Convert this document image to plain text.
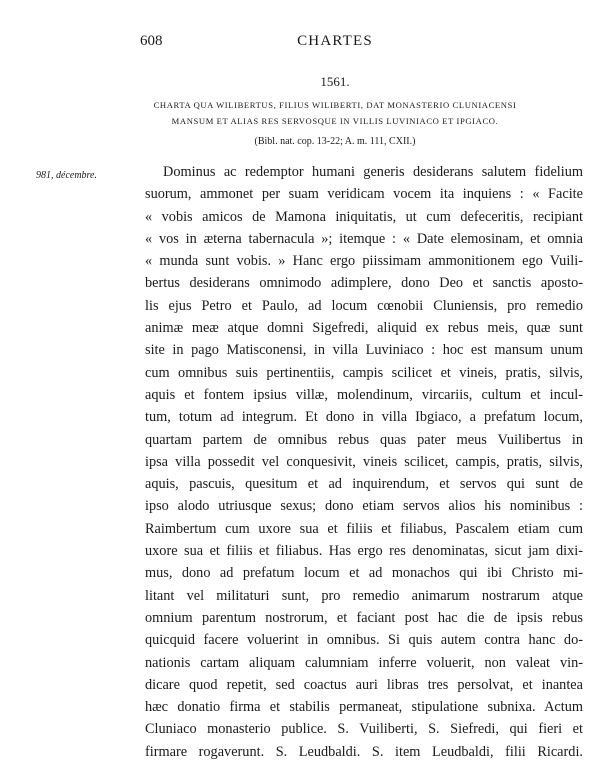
608	CHARTES
1561.
CHARTA QUA WILIBERTUS, FILIUS WILIBERTI, DAT MONASTERIO CLUNIACENSI
MANSUM ET ALIAS RES SERVOSQUE IN VILLIS LUVINIACO ET IPGIACO.
(Bibl. nat. cop. 13-22; A. m. 111, CXII.)
981, décembre.	Dominus ac redemptor humani generis desiderans salutem fidelium
suorum, ammonet per suam veridicam vocem ita inquiens : « Facite
« vobis amicos de Mamona iniquitatis, ut cum defeceritis, recipiant
« vos in æterna tabernacula »; itemque : « Date elemosinam, et omnia
« munda sunt vobis. » Hanc ergo piissimam ammonitionem ego Vuili-
bertus desiderans omnimodo adimplere, dono Deo et sanctis aposto-
lis ejus Petro et Paulo, ad locum cœnobii Cluniensis, pro remedio
animæ meæ atque domni Sigefredi, aliquid ex rebus meis, quæ sunt
site in pago Matisconensi, in villa Luviniaco : hoc est mansum unum
cum omnibus suis pertinentiis, campis scilicet et vineis, pratis, silvis,
aquis et fontem ipsius villæ, molendinum, vircariis, cultum et incul-
tum, totum ad integrum. Et dono in villa Ibgiaco, a prefatum locum,
quartam partem de omnibus rebus quas pater meus Vuilibertus in
ipsa villa possedit vel conquesivit, vineis scilicet, campis, pratis, silvis,
aquis, pascuis, quesitum et ad inquirendum, et servos qui sunt de
ipso alodo utriusque sexus; dono etiam servos alios his nominibus :
Raimbertum cum uxore sua et filiis et filiabus, Pascalem etiam cum
uxore sua et filiis et filiabus. Has ergo res denominatas, sicut jam dixi-
mus, dono ad prefatum locum et ad monachos qui ibi Christo mi-
litant vel militaturi sunt, pro remedio animarum nostrarum atque
omnium parentum nostrorum, et faciant post hac die de ipsis rebus
quicquid facere voluerint in omnibus. Si quis autem contra hanc do-
nationis cartam aliquam calumniam inferre voluerit, non valeat vin-
dicare quod repetit, sed coactus auri libras tres persolvat, et inantea
hæc donatio firma et stabilis permaneat, stipulatione subnixa. Actum
Cluniaco monasterio publice. S. Vuiliberti, S. Siefredi, qui fieri et
firmare rogaverunt. S. Leudbaldi. S. item Leudbaldi, filii Ricardi.
